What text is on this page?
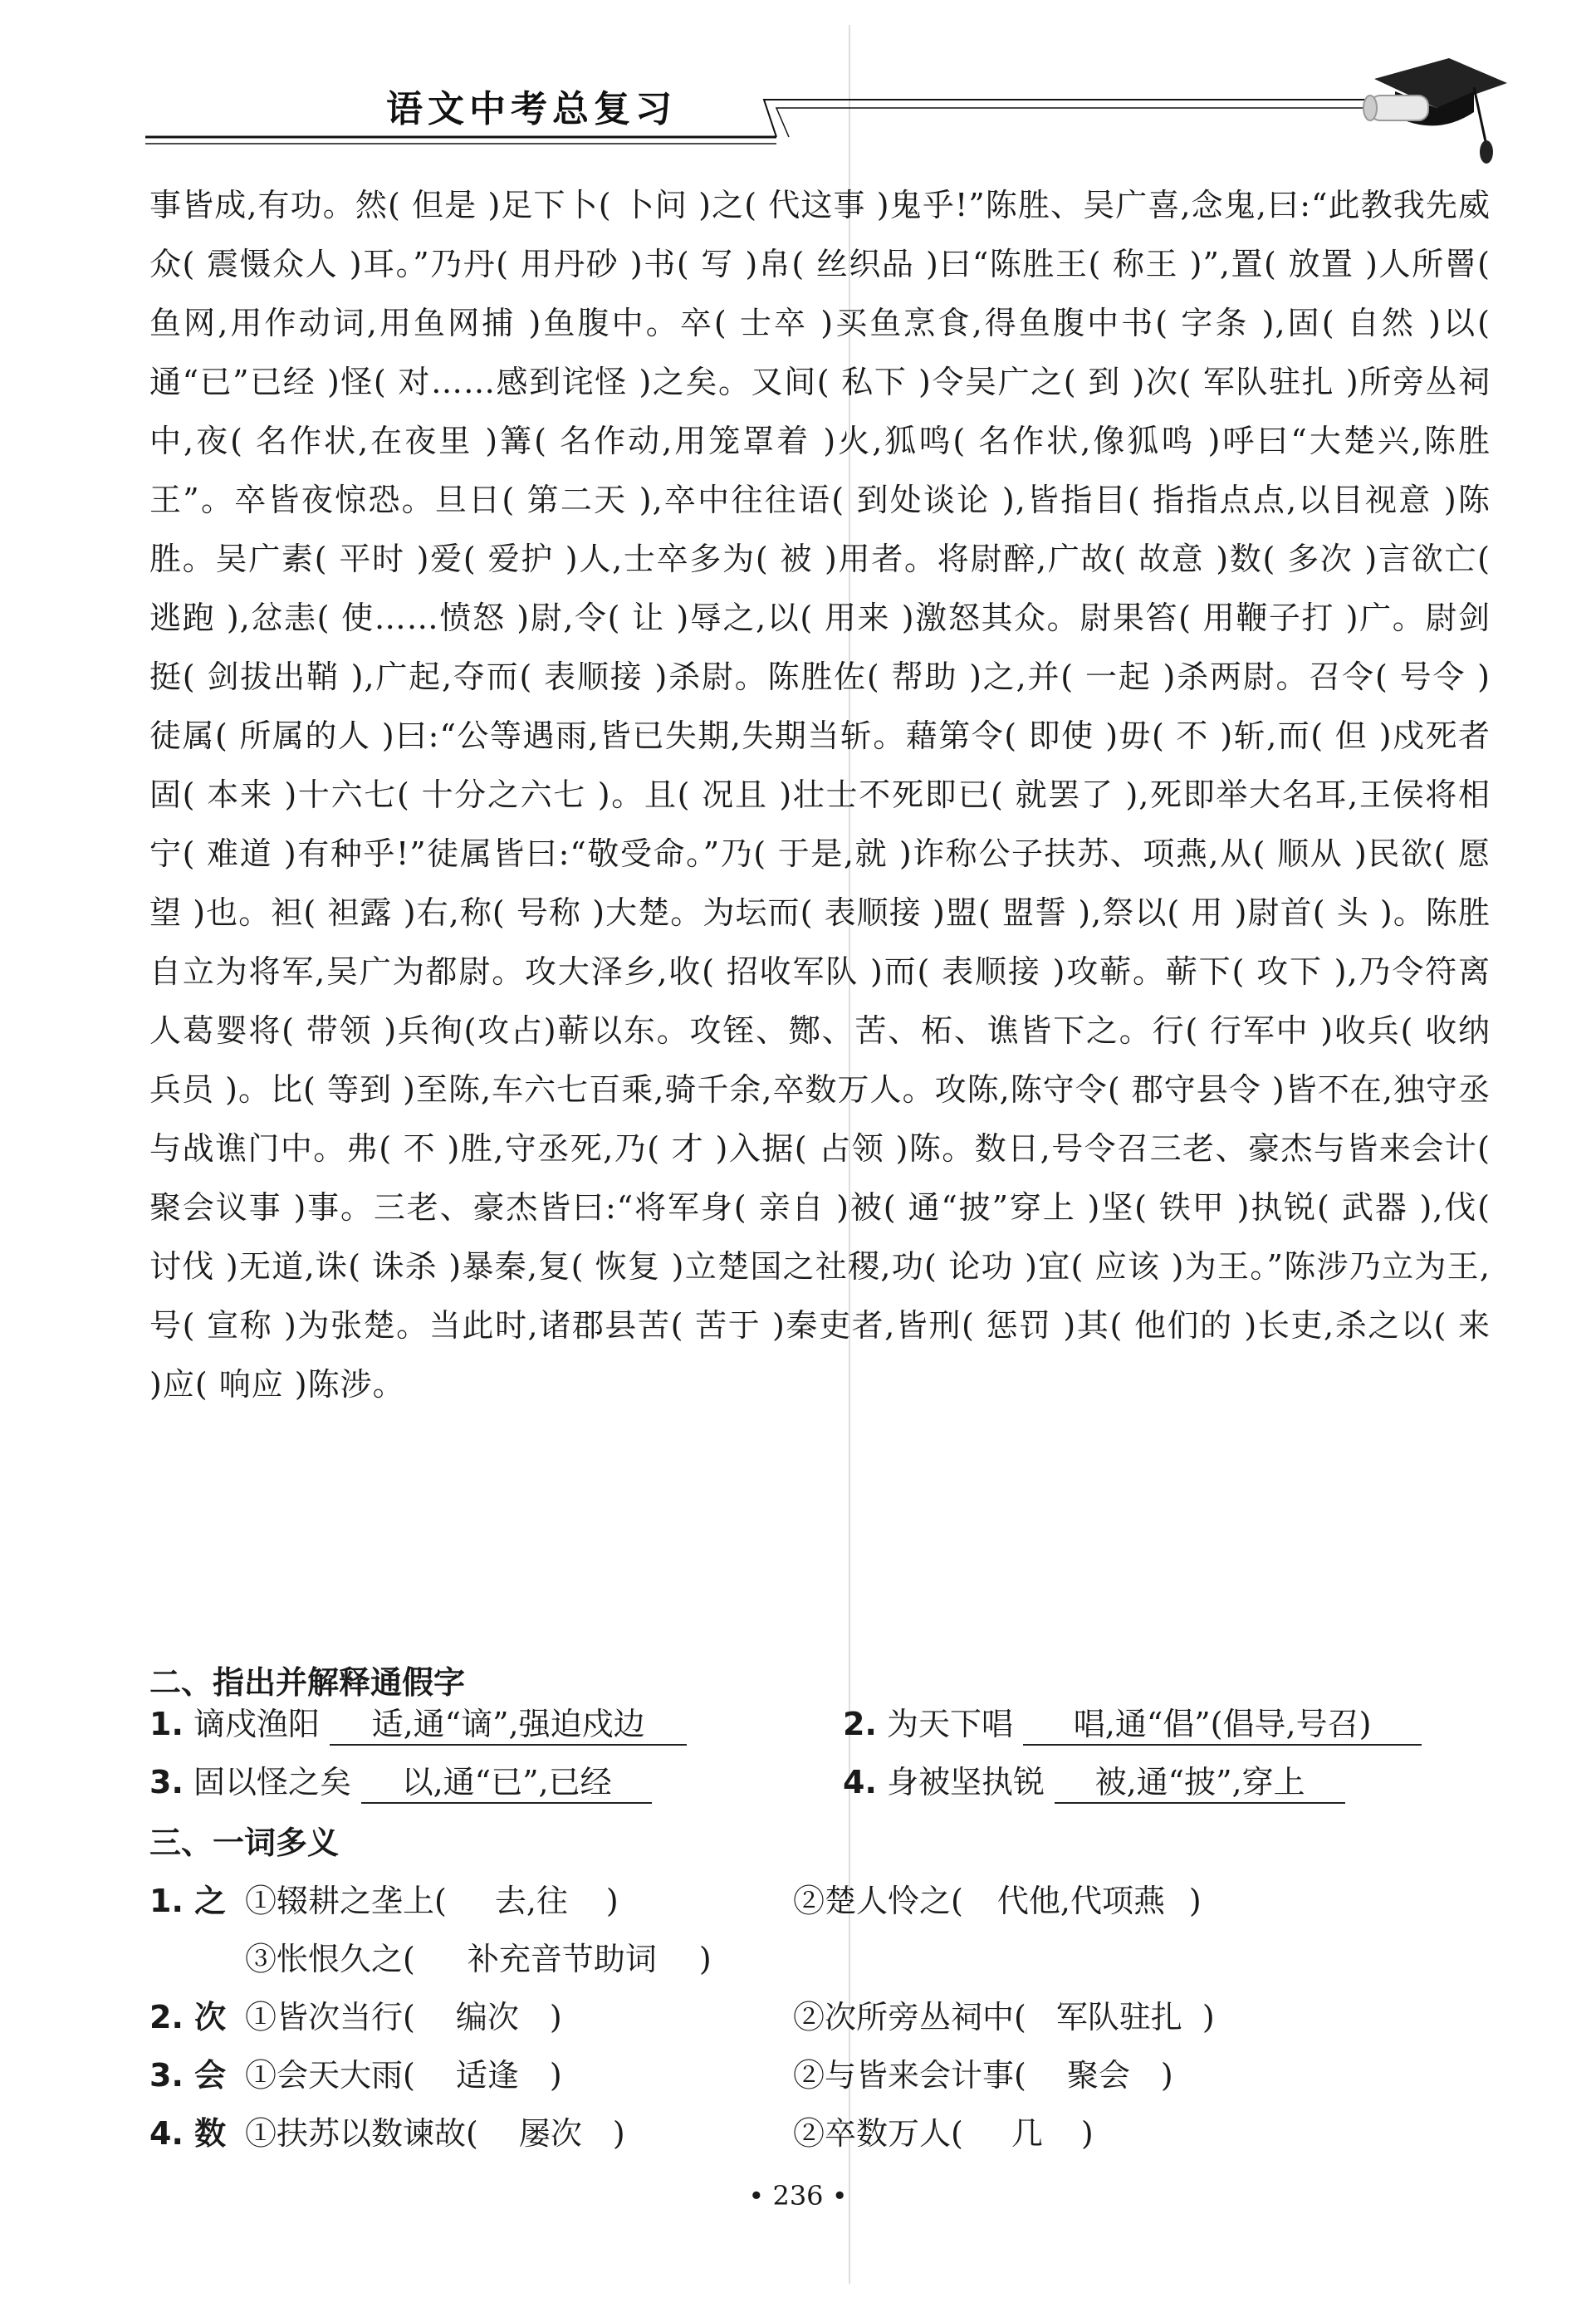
语文中考总复习

事皆成,有功。然( 但是 )足下卜( 卜问 )之( 代这事 )鬼乎!”陈胜、吴广喜,念鬼,曰:“此教我先威众( 震慑众人 )耳。”乃丹( 用丹砂 )书( 写 )帛( 丝织品 )曰“陈胜王( 称王 )”,置( 放置 )人所罾( 鱼网,用作动词,用鱼网捕 )鱼腹中。卒( 士卒 )买鱼烹食,得鱼腹中书( 字条 ),固( 自然 )以( 通“已”已经 )怪( 对……感到诧怪 )之矣。又间( 私下 )令吴广之( 到 )次( 军队驻扎 )所旁丛祠中,夜( 名作状,在夜里 )篝( 名作动,用笼罩着 )火,狐鸣( 名作状,像狐鸣 )呼曰“大楚兴,陈胜王”。卒皆夜惊恐。旦日( 第二天 ),卒中往往语( 到处谈论 ),皆指目( 指指点点,以目视意 )陈胜。吴广素( 平时 )爱( 爱护 )人,士卒多为( 被 )用者。将尉醉,广故( 故意 )数( 多次 )言欲亡( 逃跑 ),忿恚( 使……愤怒 )尉,令( 让 )辱之,以( 用来 )激怒其众。尉果笞( 用鞭子打 )广。尉剑挺( 剑拔出鞘 ),广起,夺而( 表顺接 )杀尉。陈胜佐( 帮助 )之,并( 一起 )杀两尉。召令( 号令 )徒属( 所属的人 )曰:“公等遇雨,皆已失期,失期当斩。藉第令( 即使 )毋( 不 )斩,而( 但 )戍死者固( 本来 )十六七( 十分之六七 )。且( 况且 )壮士不死即已( 就罢了 ),死即举大名耳,王侯将相宁( 难道 )有种乎!”徒属皆曰:“敬受命。”乃( 于是,就 )诈称公子扶苏、项燕,从( 顺从 )民欲( 愿望 )也。袒( 袒露 )右,称( 号称 )大楚。为坛而( 表顺接 )盟( 盟誓 ),祭以( 用 )尉首( 头 )。陈胜自立为将军,吴广为都尉。攻大泽乡,收( 招收军队 )而( 表顺接 )攻蕲。蕲下( 攻下 ),乃令符离人葛婴将( 带领 )兵徇(攻占)蕲以东。攻铚、酂、苦、柘、谯皆下之。行( 行军中 )收兵( 收纳兵员 )。比( 等到 )至陈,车六七百乘,骑千余,卒数万人。攻陈,陈守令( 郡守县令 )皆不在,独守丞与战谯门中。弗( 不 )胜,守丞死,乃( 才 )入据( 占领 )陈。数日,号令召三老、豪杰与皆来会计( 聚会议事 )事。三老、豪杰皆曰:“将军身( 亲自 )被( 通“披”穿上 )坚( 铁甲 )执锐( 武器 ),伐( 讨伐 )无道,诛( 诛杀 )暴秦,复( 恢复 )立楚国之社稷,功( 论功 )宜( 应该 )为王。”陈涉乃立为王,号( 宣称 )为张楚。当此时,诸郡县苦( 苦于 )秦吏者,皆刑( 惩罚 )其( 他们的 )长吏,杀之以( 来 )应( 响应 )陈涉。

二、指出并解释通假字
1. 谪戍渔阳 适,通“谪”,强迫戍边	2. 为天下唱 唱,通“倡”(倡导,号召)
3. 固以怪之矣 以,通“已”,已经	4. 身被坚执锐 被,通“披”,穿上
三、一词多义
1. 之 ①辍耕之垄上( 去,往 )	②楚人怜之( 代他,代项燕 )
③怅恨久之( 补充音节助词 )
2. 次 ①皆次当行( 编次 )	②次所旁丛祠中( 军队驻扎 )
3. 会 ①会天大雨( 适逢 )	②与皆来会计事( 聚会 )
4. 数 ①扶苏以数谏故( 屡次 )	②卒数万人( 几 )
• 236 •
